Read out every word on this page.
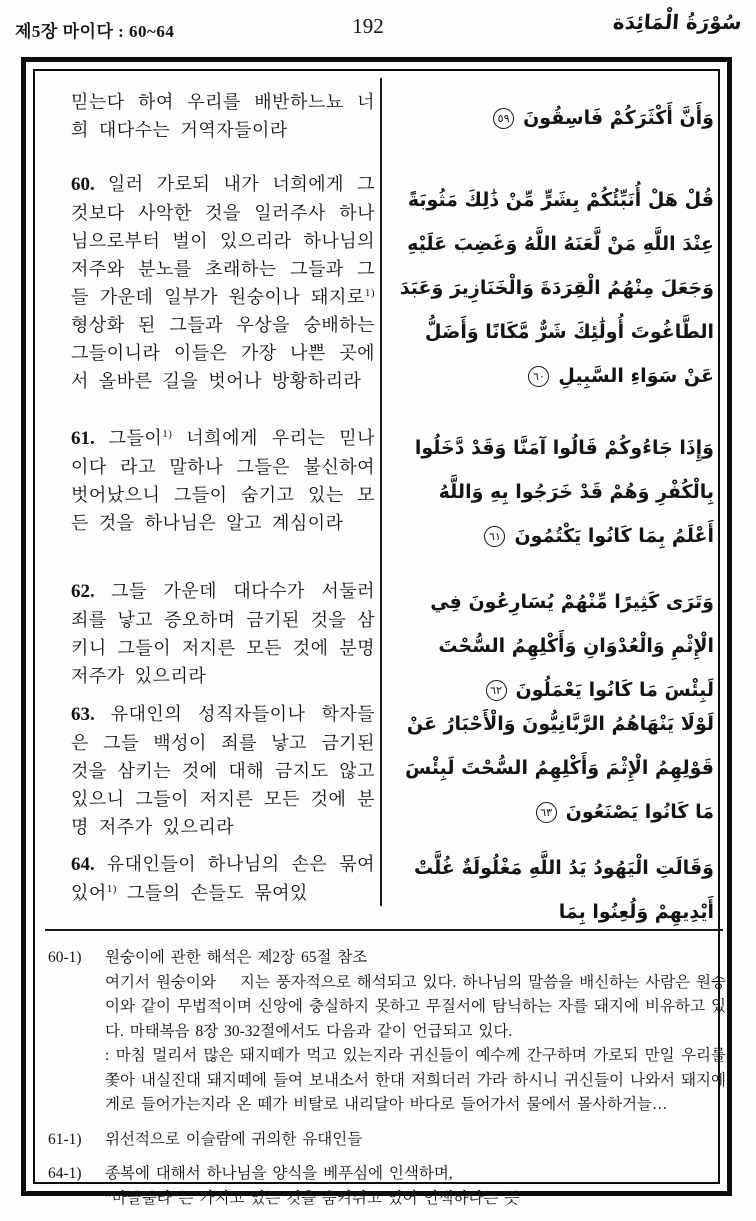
제5장 마이다 : 60~64	192	سُوْرَةُ الْمَائِدَة

믿는다 하여 우리를 배반하느뇨 너희 대다수는 거역자들이라

60. 일러 가로되 내가 너희에게 그것보다 사악한 것을 일러주사 하나님으로부터 벌이 있으리라 하나님의 저주와 분노를 초래하는 그들과 그들 가운데 일부가 원숭이나 돼지로$^{1)}$ 형상화 된 그들과 우상을 숭배하는 그들이니라 이들은 가장 나쁜 곳에서 올바른 길을 벗어나 방황하리라

61. 그들이$^{1)}$ 너희에게 우리는 믿나이다 라고 말하나 그들은 불신하여 벗어났으니 그들이 숨기고 있는 모든 것을 하나님은 알고 계심이라

62. 그들 가운데 대다수가 서둘러 죄를 낳고 증오하며 금기된 것을 삼키니 그들이 저지른 모든 것에 분명 저주가 있으리라

63. 유대인의 성직자들이나 학자들은 그들 백성이 죄를 낳고 금기된 것을 삼키는 것에 대해 금지도 않고 있으니 그들이 저지른 모든 것에 분명 저주가 있으리라

64. 유대인들이 하나님의 손은 묶여있어$^{1)}$ 그들의 손들도 묶여있

وَأَنَّ أَكْثَرَكُمْ فَاسِقُونَ٥٩

قُلْ هَلْ أُنَبِّئُكُمْ بِشَرٍّ مِّنْ ذَٰلِكَ مَثُوبَةً عِنْدَ اللَّهِ مَنْ لَّعَنَهُ اللَّهُ وَغَضِبَ عَلَيْهِ وَجَعَلَ مِنْهُمُ الْقِرَدَةَ وَالْخَنَازِيرَ وَعَبَدَ الطَّاغُوتَ أُولَٰئِكَ شَرٌّ مَّكَانًا وَأَضَلُّ عَنْ سَوَاءِ السَّبِيلِ٦٠

وَإِذَا جَاءُوكُمْ قَالُوا آمَنَّا وَقَدْ دَّخَلُوا بِالْكُفْرِ وَهُمْ قَدْ خَرَجُوا بِهِ وَاللَّهُ أَعْلَمُ بِمَا كَانُوا يَكْتُمُونَ٦١

وَتَرَى كَثِيرًا مِّنْهُمْ يُسَارِعُونَ فِي الْإِثْمِ وَالْعُدْوَانِ وَأَكْلِهِمُ السُّحْتَ لَبِئْسَ مَا كَانُوا يَعْمَلُونَ٦٢

لَوْلَا يَنْهَاهُمُ الرَّبَّانِيُّونَ وَالْأَحْبَارُ عَنْ قَوْلِهِمُ الْإِثْمَ وَأَكْلِهِمُ السُّحْتَ لَبِئْسَ مَا كَانُوا يَصْنَعُونَ٦٣

وَقَالَتِ الْيَهُودُ يَدُ اللَّهِ مَغْلُولَةٌ غُلَّتْ أَيْدِيهِمْ وَلُعِنُوا بِمَا

60-1) 원숭이에 관한 해석은 제2장 65절 참조

여기서 원숭이와    지는 풍자적으로 해석되고 있다. 하나님의 말씀을 배신하는 사람은 원숭이와 같이 무법적이며 신앙에 충실하지 못하고 무질서에 탐닉하는 자를 돼지에 비유하고 있다. 마태복음 8장 30-32절에서도 다음과 같이 언급되고 있다.

: 마침 멀리서 많은 돼지떼가 먹고 있는지라 귀신들이 예수께 간구하며 가로되 만일 우리를 쫓아 내실진대 돼지떼에 들여 보내소서 한대 저희더러 가라 하시니 귀신들이 나와서 돼지에게로 들어가는지라 온 떼가 비탈로 내리달아 바다로 들어가서 물에서 몰사하거늘…

61-1) 위선적으로 이슬람에 귀의한 유대인들

64-1) 종복에 대해서 하나님을 양식을 베푸심에 인색하며,

“마글룰라”는 가지고 있는 것을 움켜쥐고 있어 인색하다는 뜻
